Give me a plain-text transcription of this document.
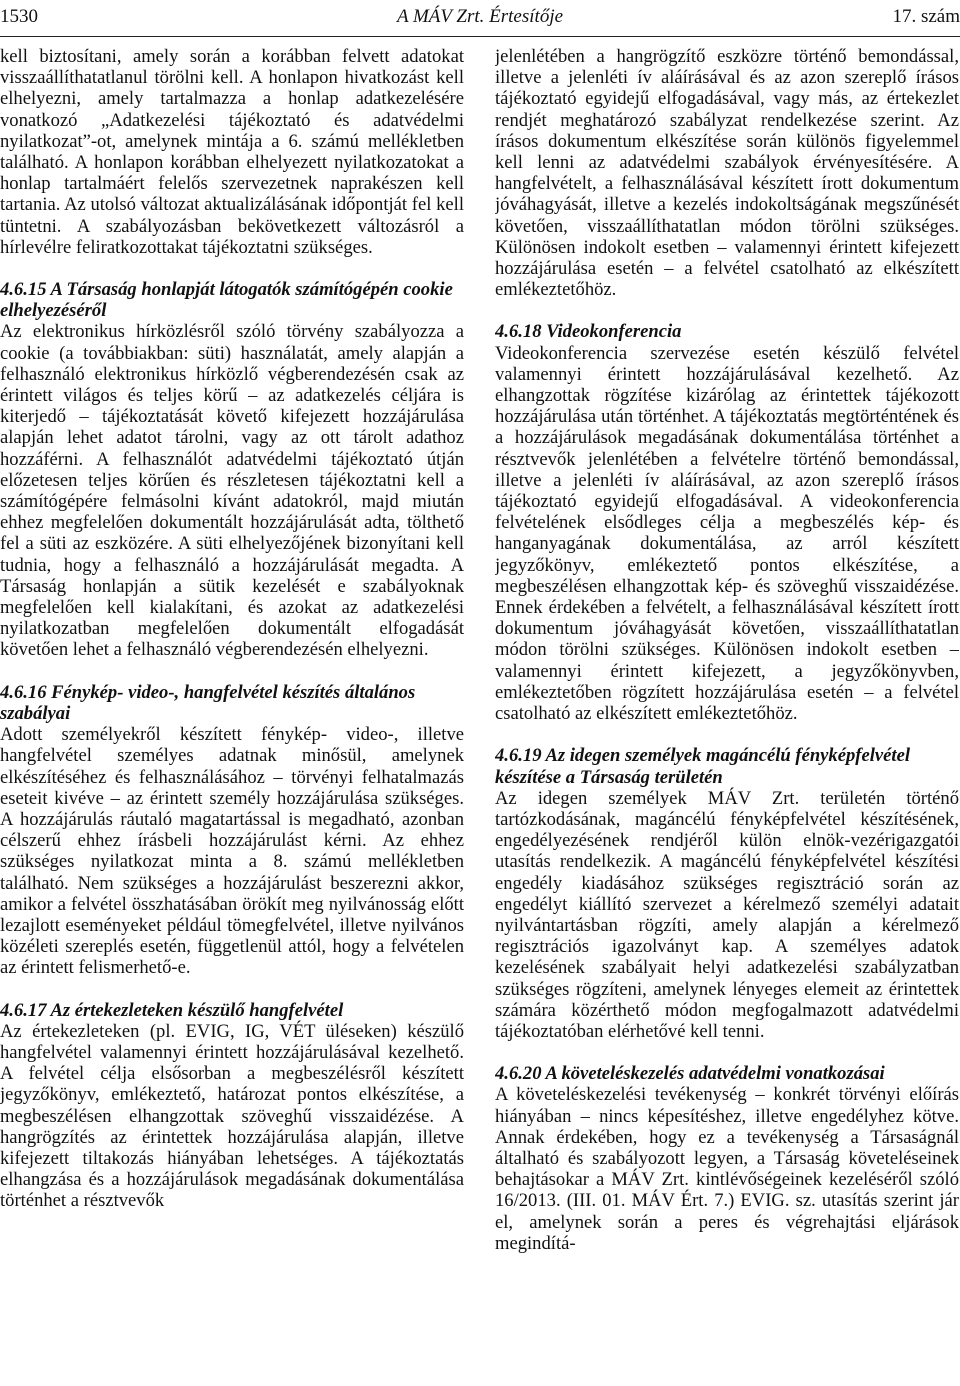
1530	A MÁV Zrt. Értesítője	17. szám

kell biztosítani, amely során a korábban felvett adatokat visszaállíthatatlanul törölni kell. A honlapon hivatkozást kell elhelyezni, amely tartalmazza a honlap adatkezelésére vonatkozó „Adatkezelési tájékoztató és adatvédelmi nyilatkozat”-ot, amelynek mintája a 6. számú mellékletben található. A honlapon korábban elhelyezett nyilatkozatokat a honlap tartalmáért felelős szervezetnek naprakészen kell tartania. Az utolsó változat aktualizálásának időpontját fel kell tüntetni. A szabályozásban bekövetkezett változásról a hírlevélre feliratkozottakat tájékoztatni szükséges.

4.6.15 A Társaság honlapját látogatók számítógépén cookie elhelyezéséről

Az elektronikus hírközlésről szóló törvény szabályozza a cookie (a továbbiakban: süti) használatát, amely alapján a felhasználó elektronikus hírközlő végberendezésén csak az érintett világos és teljes körű – az adatkezelés céljára is kiterjedő – tájékoztatását követő kifejezett hozzájárulása alapján lehet adatot tárolni, vagy az ott tárolt adathoz hozzáférni. A felhasználót adatvédelmi tájékoztató útján előzetesen teljes körűen és részletesen tájékoztatni kell a számítógépére felmásolni kívánt adatokról, majd miután ehhez megfelelően dokumentált hozzájárulását adta, tölthető fel a süti az eszközére. A süti elhelyezőjének bizonyítani kell tudnia, hogy a felhasználó a hozzájárulását megadta. A Társaság honlapján a sütik kezelését e szabályoknak megfelelően kell kialakítani, és azokat az adatkezelési nyilatkozatban megfelelően dokumentált elfogadását követően lehet a felhasználó végberendezésén elhelyezni.

4.6.16 Fénykép- video-, hangfelvétel készítés általános szabályai

Adott személyekről készített fénykép- video-, illetve hangfelvétel személyes adatnak minősül, amelynek elkészítéséhez és felhasználásához – törvényi felhatalmazás eseteit kivéve – az érintett személy hozzájárulása szükséges. A hozzájárulás ráutaló magatartással is megadható, azonban célszerű ehhez írásbeli hozzájárulást kérni. Az ehhez szükséges nyilatkozat minta a 8. számú mellékletben található. Nem szükséges a hozzájárulást beszerezni akkor, amikor a felvétel összhatásában örökít meg nyilvánosság előtt lezajlott eseményeket például tömegfelvétel, illetve nyilvános közéleti szereplés esetén, függetlenül attól, hogy a felvételen az érintett felismerhető-e.

4.6.17 Az értekezleteken készülő hangfelvétel

Az értekezleteken (pl. EVIG, IG, VÉT üléseken) készülő hangfelvétel valamennyi érintett hozzájárulásával kezelhető. A felvétel célja elsősorban a megbeszélésről készített jegyzőkönyv, emlékeztető, határozat pontos elkészítése, a megbeszélésen elhangzottak szöveghű visszaidézése. A hangrögzítés az érintettek hozzájárulása alapján, illetve kifejezett tiltakozás hiányában lehetséges. A tájékoztatás elhangzása és a hozzájárulások megadásának dokumentálása történhet a résztvevők

jelenlétében a hangrögzítő eszközre történő bemondással, illetve a jelenléti ív aláírásával és az azon szereplő írásos tájékoztató egyidejű elfogadásával, vagy más, az értekezlet rendjét meghatározó szabályzat rendelkezése szerint. Az írásos dokumentum elkészítése során különös figyelemmel kell lenni az adatvédelmi szabályok érvényesítésére. A hangfelvételt, a felhasználásával készített írott dokumentum jóváhagyását, illetve a kezelés indokoltságának megszűnését követően, visszaállíthatatlan módon törölni szükséges. Különösen indokolt esetben – valamennyi érintett kifejezett hozzájárulása esetén – a felvétel csatolható az elkészített emlékeztetőhöz.

4.6.18 Videokonferencia

Videokonferencia szervezése esetén készülő felvétel valamennyi érintett hozzájárulásával kezelhető. Az elhangzottak rögzítése kizárólag az érintettek tájékozott hozzájárulása után történhet. A tájékoztatás megtörténtének és a hozzájárulások megadásának dokumentálása történhet a résztvevők jelenlétében a felvételre történő bemondással, illetve a jelenléti ív aláírásával, az azon szereplő írásos tájékoztató egyidejű elfogadásával. A videokonferencia felvételének elsődleges célja a megbeszélés kép- és hanganyagának dokumentálása, az arról készített jegyzőkönyv, emlékeztető pontos elkészítése, a megbeszélésen elhangzottak kép- és szöveghű visszaidézése. Ennek érdekében a felvételt, a felhasználásával készített írott dokumentum jóváhagyását követően, visszaállíthatatlan módon törölni szükséges. Különösen indokolt esetben – valamennyi érintett kifejezett, a jegyzőkönyvben, emlékeztetőben rögzített hozzájárulása esetén – a felvétel csatolható az elkészített emlékeztetőhöz.

4.6.19 Az idegen személyek magáncélú fényképfelvétel készítése a Társaság területén

Az idegen személyek MÁV Zrt. területén történő tartózkodásának, magáncélú fényképfelvétel készítésének, engedélyezésének rendjéről külön elnök-vezérigazgatói utasítás rendelkezik. A magáncélú fényképfelvétel készítési engedély kiadásához szükséges regisztráció során az engedélyt kiállító szervezet a kérelmező személyi adatait nyilvántartásban rögzíti, amely alapján a kérelmező regisztrációs igazolványt kap. A személyes adatok kezelésének szabályait helyi adatkezelési szabályzatban szükséges rögzíteni, amelynek lényeges elemeit az érintettek számára közérthető módon megfogalmazott adatvédelmi tájékoztatóban elérhetővé kell tenni.

4.6.20 A követeléskezelés adatvédelmi vonatkozásai

A követeléskezelési tevékenység – konkrét törvényi előírás hiányában – nincs képesítéshez, illetve engedélyhez kötve. Annak érdekében, hogy ez a tevékenység a Társaságnál általható és szabályozott legyen, a Társaság követeléseinek behajtásokar a MÁV Zrt. kintlévőségeinek kezeléséről szóló 16/2013. (III. 01. MÁV Ért. 7.) EVIG. sz. utasítás szerint jár el, amelynek során a peres és végrehajtási eljárások megindítá-
